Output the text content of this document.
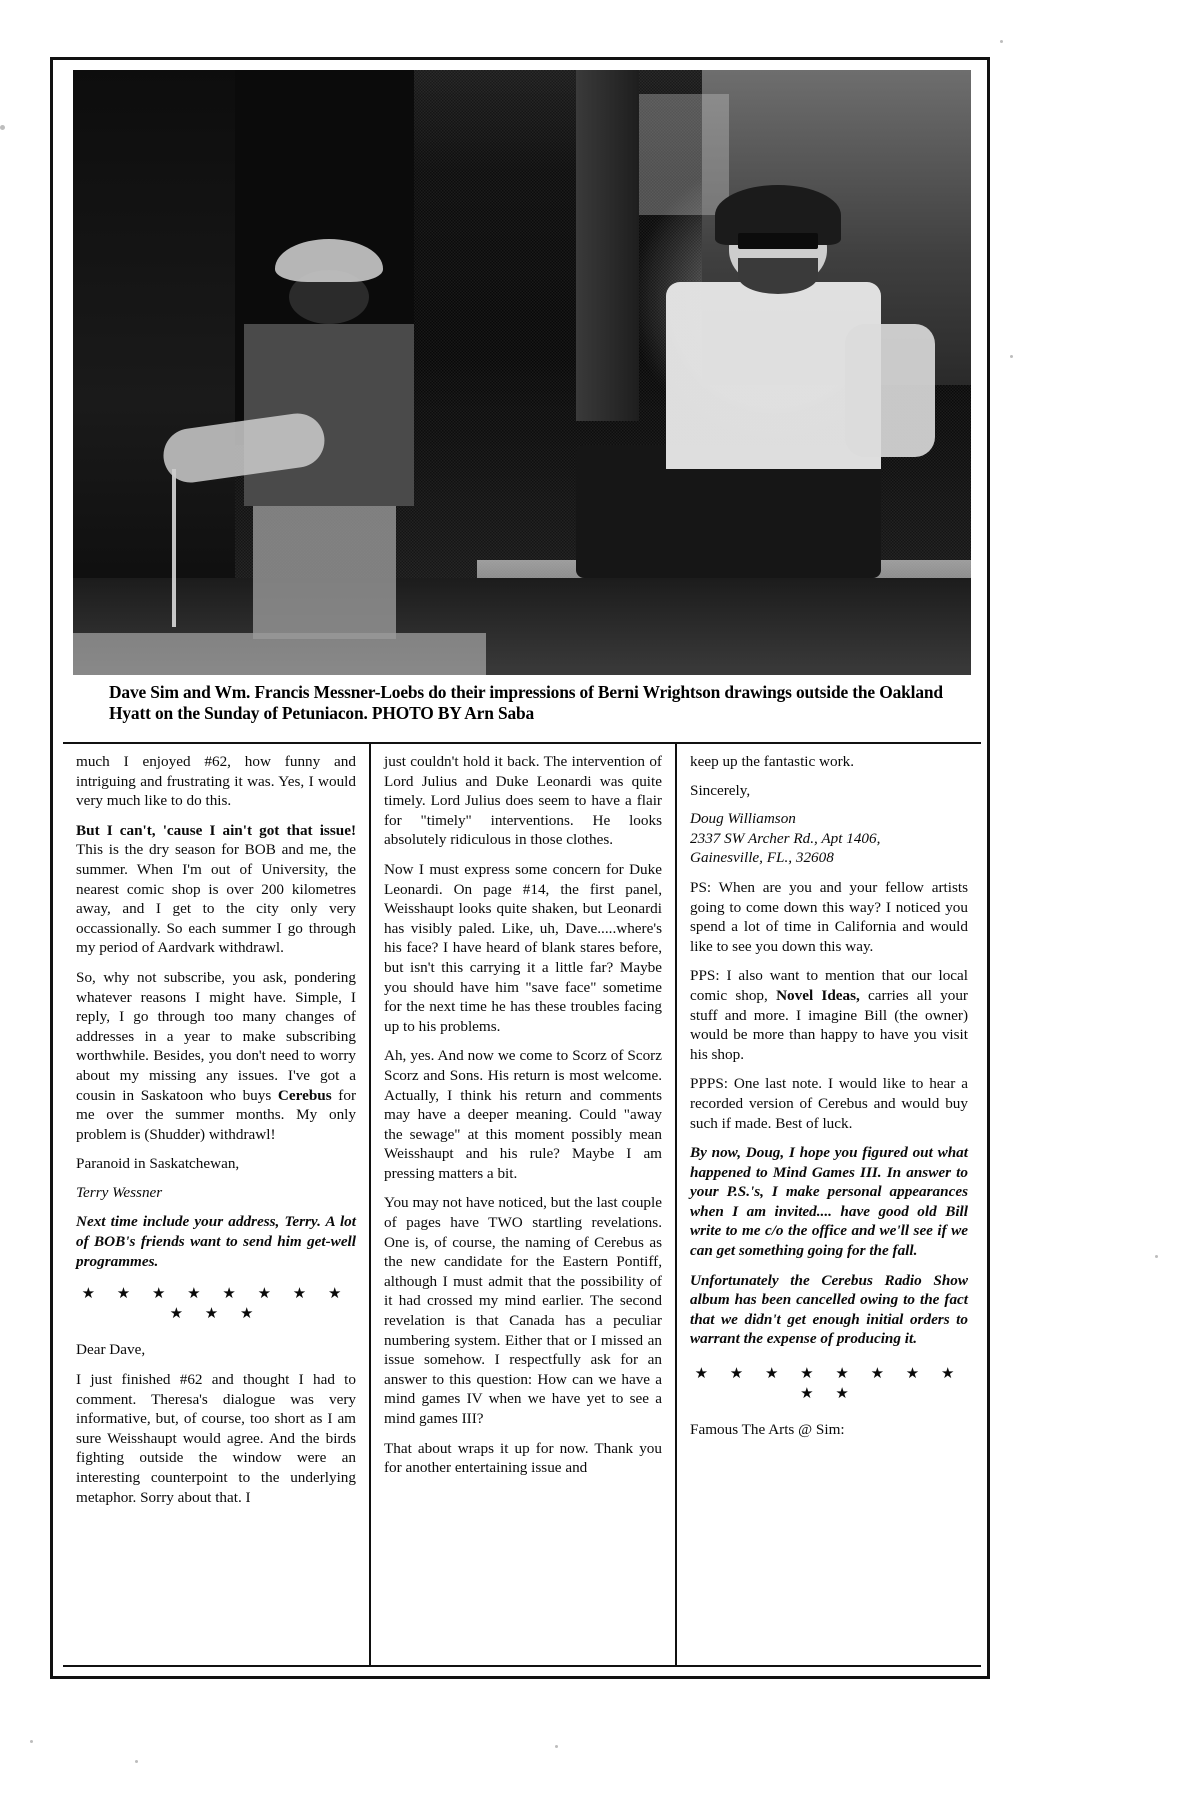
Dave Sim and Wm. Francis Messner-Loebs do their impressions of Berni Wrightson drawings outside the Oakland Hyatt on the Sunday of Petuniacon. PHOTO BY Arn Saba

much I enjoyed #62, how funny and intriguing and frustrating it was. Yes, I would very much like to do this.

But I can't, 'cause I ain't got that issue! This is the dry season for BOB and me, the summer. When I'm out of University, the nearest comic shop is over 200 kilometres away, and I get to the city only very occassionally. So each summer I go through my period of Aardvark withdrawl.

So, why not subscribe, you ask, pondering whatever reasons I might have. Simple, I reply, I go through too many changes of addresses in a year to make subscribing worthwhile. Besides, you don't need to worry about my missing any issues. I've got a cousin in Saskatoon who buys Cerebus for me over the summer months. My only problem is (Shudder) withdrawl!

Paranoid in Saskatchewan,

Terry Wessner

Next time include your address, Terry. A lot of BOB's friends want to send him get-well programmes.

★ ★ ★ ★ ★ ★ ★ ★ ★ ★ ★

Dear Dave,

I just finished #62 and thought I had to comment. Theresa's dialogue was very informative, but, of course, too short as I am sure Weisshaupt would agree. And the birds fighting outside the window were an interesting counterpoint to the underlying metaphor. Sorry about that. I

just couldn't hold it back. The intervention of Lord Julius and Duke Leonardi was quite timely. Lord Julius does seem to have a flair for "timely" interventions. He looks absolutely ridiculous in those clothes.

Now I must express some concern for Duke Leonardi. On page #14, the first panel, Weisshaupt looks quite shaken, but Leonardi has visibly paled. Like, uh, Dave.....where's his face? I have heard of blank stares before, but isn't this carrying it a little far? Maybe you should have him "save face" sometime for the next time he has these troubles facing up to his problems.

Ah, yes. And now we come to Scorz of Scorz Scorz and Sons. His return is most welcome. Actually, I think his return and comments may have a deeper meaning. Could "away the sewage" at this moment possibly mean Weisshaupt and his rule? Maybe I am pressing matters a bit.

You may not have noticed, but the last couple of pages have TWO startling revelations. One is, of course, the naming of Cerebus as the new candidate for the Eastern Pontiff, although I must admit that the possibility of it had crossed my mind earlier. The second revelation is that Canada has a peculiar numbering system. Either that or I missed an issue somehow. I respectfully ask for an answer to this question: How can we have a mind games IV when we have yet to see a mind games III?

That about wraps it up for now. Thank you for another entertaining issue and

keep up the fantastic work.

Sincerely,

Doug Williamson
2337 SW Archer Rd., Apt 1406,
Gainesville, FL., 32608

PS: When are you and your fellow artists going to come down this way? I noticed you spend a lot of time in California and would like to see you down this way.

PPS: I also want to mention that our local comic shop, Novel Ideas, carries all your stuff and more. I imagine Bill (the owner) would be more than happy to have you visit his shop.

PPPS: One last note. I would like to hear a recorded version of Cerebus and would buy such if made. Best of luck.

By now, Doug, I hope you figured out what happened to Mind Games III. In answer to your P.S.'s, I make personal appearances when I am invited.... have good old Bill write to me c/o the office and we'll see if we can get something going for the fall.

Unfortunately the Cerebus Radio Show album has been cancelled owing to the fact that we didn't get enough initial orders to warrant the expense of producing it.

★ ★ ★ ★ ★ ★ ★ ★ ★ ★

Famous The Arts @ Sim:
